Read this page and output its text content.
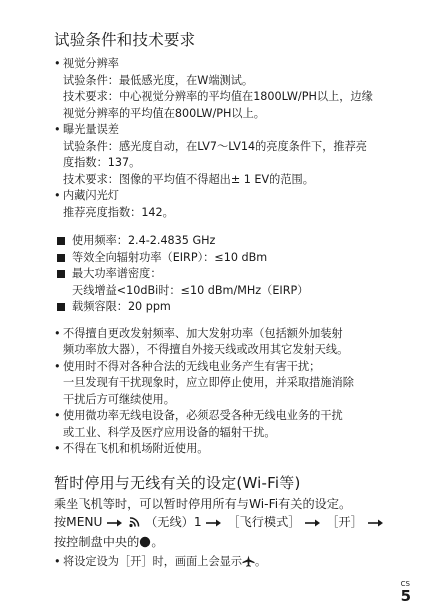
试验条件和技术要求
• 视觉分辨率
试验条件：最低感光度，在W端测试。
技术要求：中心视觉分辨率的平均值在1800LW/PH以上，边缘
视觉分辨率的平均值在800LW/PH以上。
• 曝光量误差
试验条件：感光度自动，在LV7～LV14的亮度条件下，推荐亮
度指数：137。
技术要求：图像的平均值不得超出± 1 EV的范围。
• 内藏闪光灯
推荐亮度指数：142。
使用频率：2.4-2.4835 GHz
等效全向辐射功率（EIRP）：≤10 dBm
最大功率谱密度：
天线增益<10dBi时：≤10 dBm/MHz（EIRP）
载频容限：20 ppm
• 不得擅自更改发射频率、加大发射功率（包括额外加装射
频功率放大器），不得擅自外接天线或改用其它发射天线。
• 使用时不得对各种合法的无线电业务产生有害干扰；
一旦发现有干扰现象时，应立即停止使用，并采取措施消除
干扰后方可继续使用。
• 使用微功率无线电设备，必须忍受各种无线电业务的干扰
或工业、科学及医疗应用设备的辐射干扰。
• 不得在飞机和机场附近使用。
暂时停用与无线有关的设定(Wi-Fi等)
乘坐飞机等时，可以暂时停用所有与Wi-Fi有关的设定。
按MENU	（无线）1 ［飞行模式］ ［开］
按控制盘中央的 。
• 将设定设为［开］时，画面上会显示 。
CS
5
